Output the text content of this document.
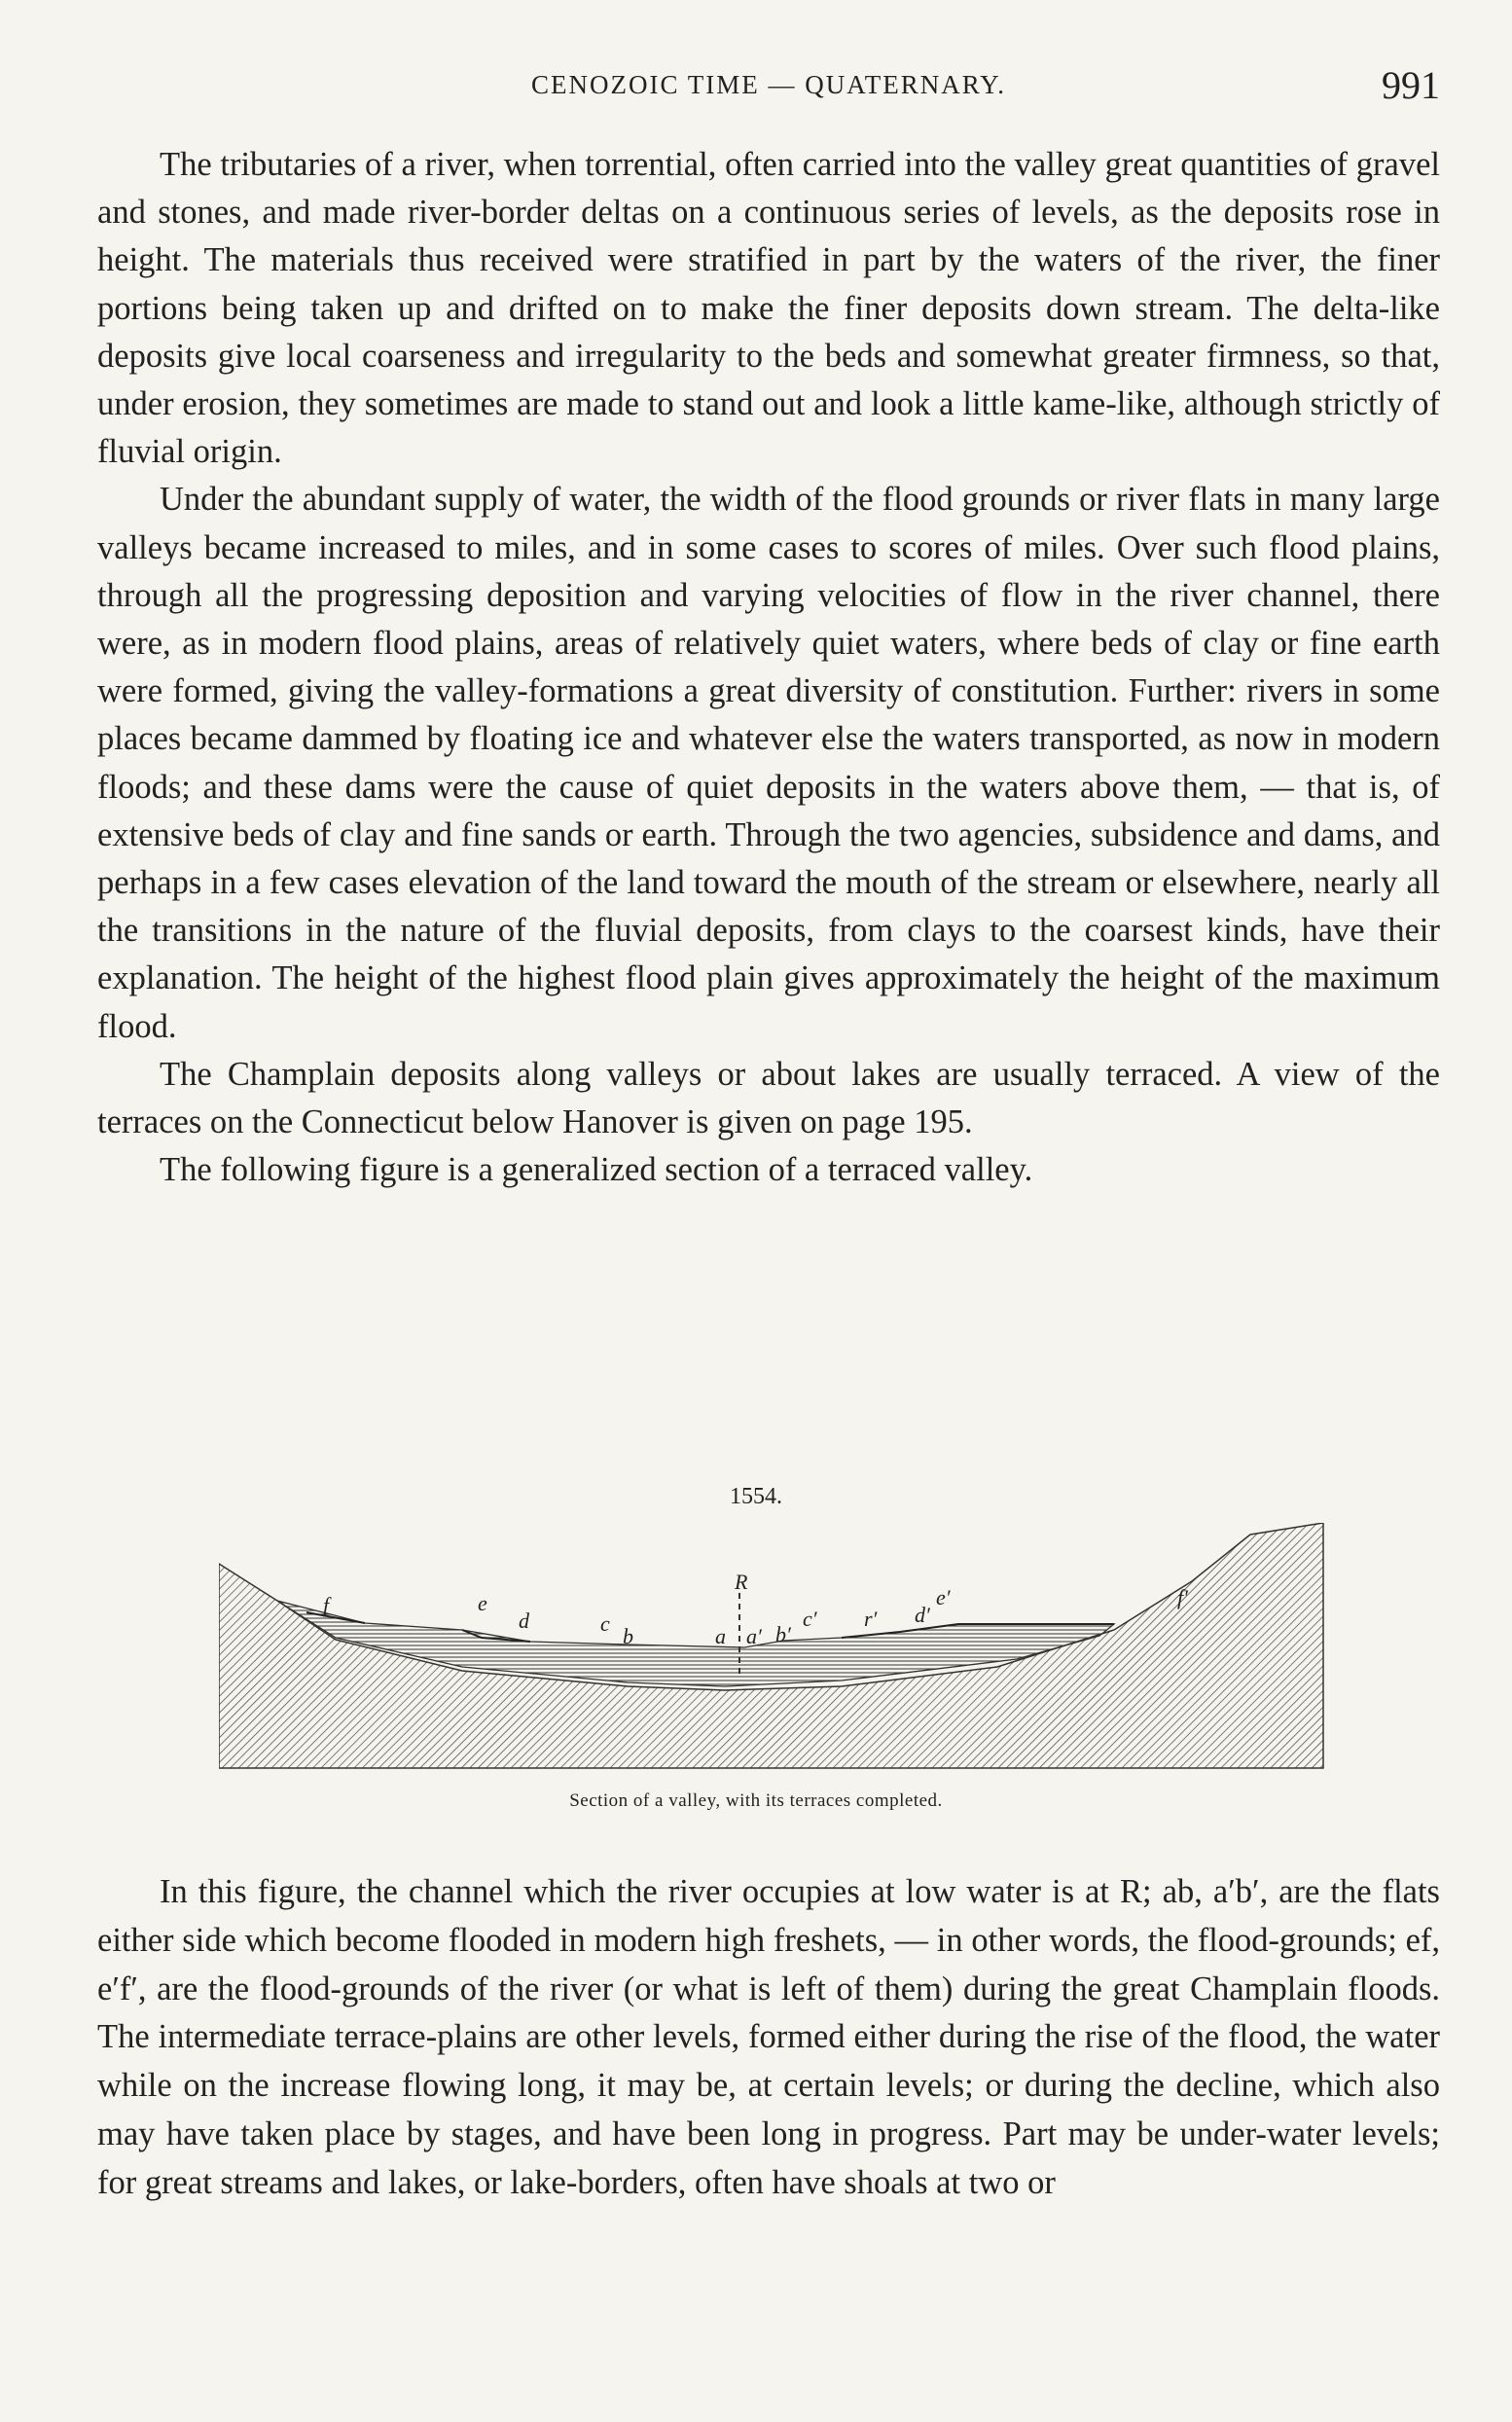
CENOZOIC TIME — QUATERNARY.	991

The tributaries of a river, when torrential, often carried into the valley great quantities of gravel and stones, and made river-border deltas on a continuous series of levels, as the deposits rose in height. The materials thus received were stratified in part by the waters of the river, the finer portions being taken up and drifted on to make the finer deposits down stream. The delta-like deposits give local coarseness and irregularity to the beds and somewhat greater firmness, so that, under erosion, they sometimes are made to stand out and look a little kame-like, although strictly of fluvial origin.

Under the abundant supply of water, the width of the flood grounds or river flats in many large valleys became increased to miles, and in some cases to scores of miles. Over such flood plains, through all the progressing deposition and varying velocities of flow in the river channel, there were, as in modern flood plains, areas of relatively quiet waters, where beds of clay or fine earth were formed, giving the valley-formations a great diversity of constitution. Further: rivers in some places became dammed by floating ice and whatever else the waters transported, as now in modern floods; and these dams were the cause of quiet deposits in the waters above them, — that is, of extensive beds of clay and fine sands or earth. Through the two agencies, subsidence and dams, and perhaps in a few cases elevation of the land toward the mouth of the stream or elsewhere, nearly all the transitions in the nature of the fluvial deposits, from clays to the coarsest kinds, have their explanation. The height of the highest flood plain gives approximately the height of the maximum flood.

The Champlain deposits along valleys or about lakes are usually terraced. A view of the terraces on the Connecticut below Hanover is given on page 195.

The following figure is a generalized section of a terraced valley.

1554.
R
f	e
d	c
b	a a′ b′
c′ r′ d′
e′	f′
Section of a valley, with its terraces completed.

In this figure, the channel which the river occupies at low water is at R; ab, a′b′, are the flats either side which become flooded in modern high freshets, — in other words, the flood-grounds; ef, e′f′, are the flood-grounds of the river (or what is left of them) during the great Champlain floods. The intermediate terrace-plains are other levels, formed either during the rise of the flood, the water while on the increase flowing long, it may be, at certain levels; or during the decline, which also may have taken place by stages, and have been long in progress. Part may be under-water levels; for great streams and lakes, or lake-borders, often have shoals at two or
